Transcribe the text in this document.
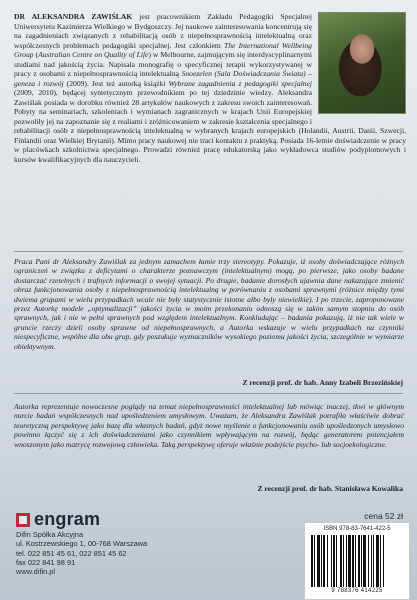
DR ALEKSANDRA ZAWIŚLAK jest pracownikiem Zakładu Pedagogiki Specjalnej Uniwersytetu Kazimierza Wielkiego w Bydgoszczy. Jej naukowe zainteresowania koncentrują się na zagadnieniach związanych z rehabilitacją osób z niepełnosprawnością intelektualną oraz współczesnych problemach pedagogiki specjalnej. Jest członkiem The International Wellbeing Group (Australian Centre on Quality of Life) w Melbourne, zajmującym się interdyscyplinarnymi studiami nad jakością życia. Napisała monografię o specyficznej terapii wykorzystywanej w pracy z osobami z niepełnosprawnością intelektualną Snoezelen (Sala Doświadczania Świata) – geneza i rozwój (2009). Jest też autorką książki Wybrane zagadnienia z pedagogiki specjalnej (2009, 2010), będącej syntetycznym przewodnikiem po tej dziedzinie wiedzy. Aleksandra Zawiślak posiada w dorobku również 28 artykułów naukowych z zakresu swoich zainteresowań. Pobyty na seminariach, szkoleniach i wymianach zagranicznych w krajach Unii Europejskiej pozwoliły jej na zapoznanie się z realiami i zróżnicowaniem w zakresie kształcenia specjalnego i rehabilitacji osób z niepełnosprawnością intelektualną w wybranych krajach europejskich (Holandii, Austrii, Danii, Szwecji, Finlandii oraz Wielkiej Brytanii). Mimo pracy naukowej nie traci kontaktu z praktyką. Posiada 16-letnie doświadczenie w pracy w placówkach szkolnictwa specjalnego. Prowadzi również pracę edukatorską jako wykładowca studiów podyplomowych i kursów kwalifikacyjnych dla nauczycieli.

Praca Pani dr Aleksandry Zawiślak za jednym zamachem łamie trzy stereotypy. Pokazuje, iż osoby doświadczające różnych ograniczeń w związku z deficytami o charakterze poznawczym (intelektualnym) mogą, po pierwsze, jako osoby badane dostarczać rzetelnych i trafnych informacji o swojej sytuacji. Po drugie, badanie dorosłych ujawnia dane nakazujące zmienić obraz funkcjonowania osoby z niepełnosprawnością intelektualną w porównaniu z osobami sprawnymi (różnice między tymi dwiema grupami w wielu przypadkach wcale nie były statystycznie istotne albo były niewielkie). I po trzecie, zaproponowane przez Autorkę modele „optymalizacji” jakości życia w moim przekonaniu odnoszą się w takim samym stopniu do osób sprawnych, jak i nie w pełni sprawnych pod względem intelektualnym. Konkludując – badania pokazują, iż nie tak wiele w gruncie rzeczy dzieli osoby sprawne od niepełnosprawnych, a Autorka wskazuje w wielu przypadkach na czynniki niespecyficzne, wspólne dla obu grup, gdy poszukuje wyznaczników wysokiego poziomu jakości życia, szczególnie w wymiarze obiektywnym.

Z recenzji prof. dr hab. Anny Izabeli Brzezińskiej

Autorka reprezentuje nowoczesne poglądy na temat niepełnosprawności intelektualnej lub mówiąc inaczej, tkwi w głównym nurcie badań współczesnych nad upośledzeniem umysłowym. Uważam, że Aleksandra Zawiślak potrafiła właściwie dobrać teoretyczną perspektywę jako bazę dla własnych badań, gdyż nowe myślenie o funkcjonowaniu osób upośledzonych umysłowo powinno łączyć się z ich doświadczeniami jako czynnikiem wpływającym na rozwój, będąc generatorem potencjałem wnoszonym jako matrycę rozwojową człowieka. Taką perspektywę oferuje właśnie podejście psycho- lub socjoekologiczne.

Z recenzji prof. dr hab. Stanisława Kowalika
engram
Difin Spółka Akcyjna
ul. Kostrzewskiego 1, 00-768 Warszawa
tel. 022 851 45 61, 022 851 45 62
fax 022 841 98 91
www.difin.pl
cena 52 zł
ISBN 978-83-7641-422-5
9 788376 414225
